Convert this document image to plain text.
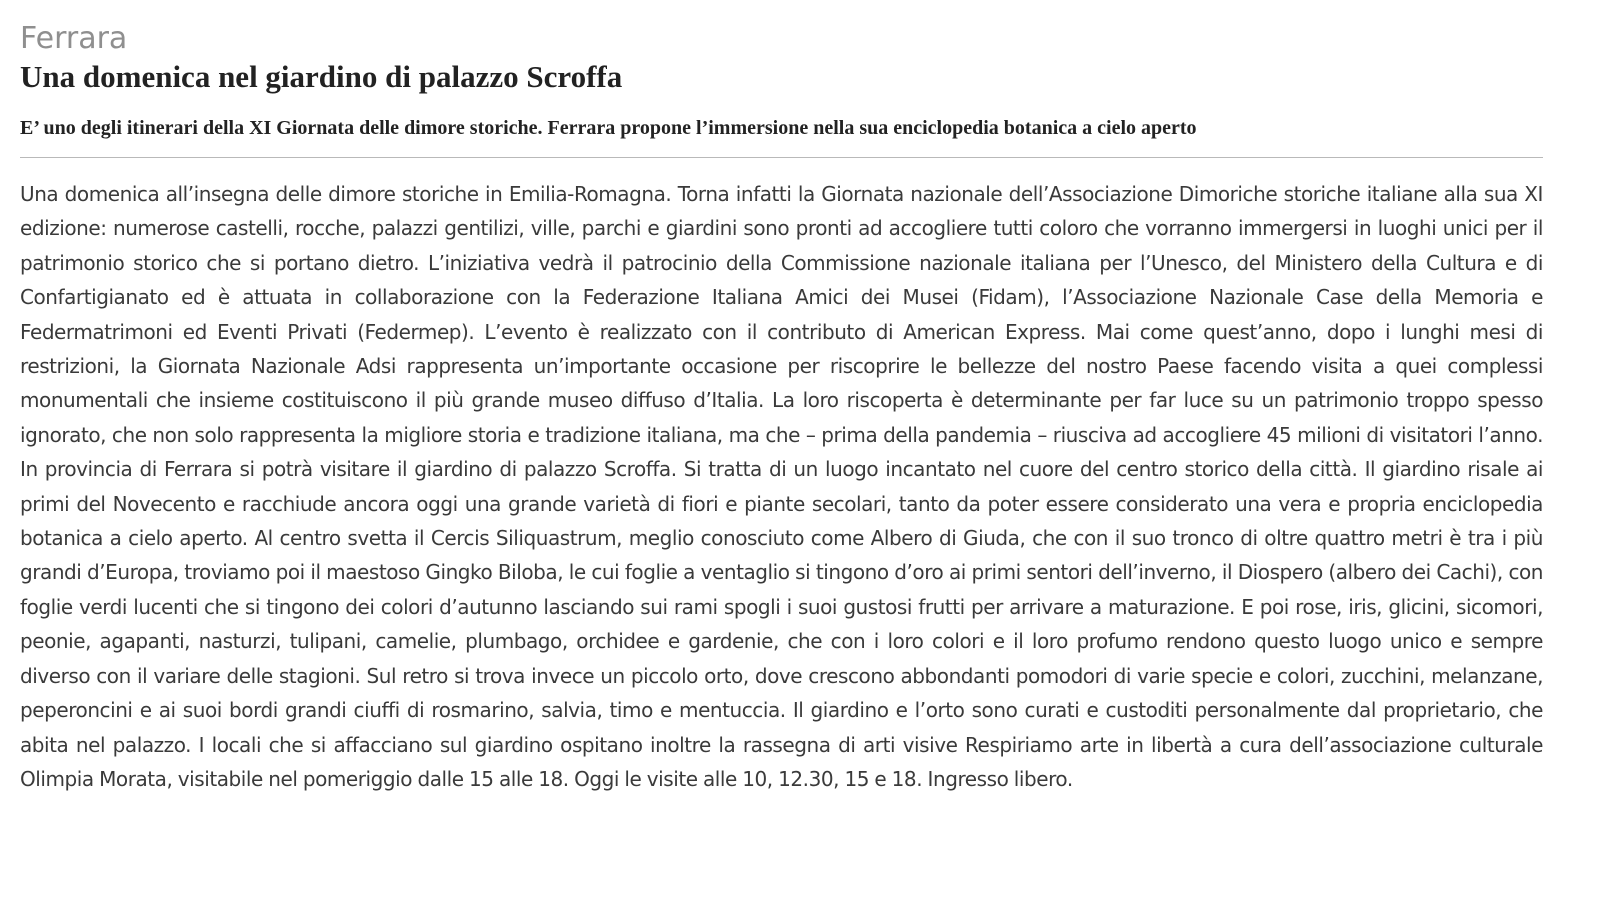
Ferrara
Una domenica nel giardino di palazzo Scroffa
E’ uno degli itinerari della XI Giornata delle dimore storiche. Ferrara propone l’immersione nella sua enciclopedia botanica a cielo aperto

Una domenica all’insegna delle dimore storiche in Emilia-Romagna. Torna infatti la Giornata nazionale dell’Associazione Dimoriche storiche italiane alla sua XI edizione: numerose castelli, rocche, palazzi gentilizi, ville, parchi e giardini sono pronti ad accogliere tutti coloro che vorranno immergersi in luoghi unici per il patrimonio storico che si portano dietro. L’iniziativa vedrà il patrocinio della Commissione nazionale italiana per l’Unesco, del Ministero della Cultura e di Confartigianato ed è attuata in collaborazione con la Federazione Italiana Amici dei Musei (Fidam), l’Associazione Nazionale Case della Memoria e Federmatrimoni ed Eventi Privati (Federmep). L’evento è realizzato con il contributo di American Express. Mai come quest’anno, dopo i lunghi mesi di restrizioni, la Giornata Nazionale Adsi rappresenta un’importante occasione per riscoprire le bellezze del nostro Paese facendo visita a quei complessi monumentali che insieme costituiscono il più grande museo diffuso d’Italia. La loro riscoperta è determinante per far luce su un patrimonio troppo spesso ignorato, che non solo rappresenta la migliore storia e tradizione italiana, ma che – prima della pandemia – riusciva ad accogliere 45 milioni di visitatori l’anno. In provincia di Ferrara si potrà visitare il giardino di palazzo Scroffa. Si tratta di un luogo incantato nel cuore del centro storico della città. Il giardino risale ai primi del Novecento e racchiude ancora oggi una grande varietà di fiori e piante secolari, tanto da poter essere considerato una vera e propria enciclopedia botanica a cielo aperto. Al centro svetta il Cercis Siliquastrum, meglio conosciuto come Albero di Giuda, che con il suo tronco di oltre quattro metri è tra i più grandi d’Europa, troviamo poi il maestoso Gingko Biloba, le cui foglie a ventaglio si tingono d’oro ai primi sentori dell’inverno, il Diospero (albero dei Cachi), con foglie verdi lucenti che si tingono dei colori d’autunno lasciando sui rami spogli i suoi gustosi frutti per arrivare a maturazione. E poi rose, iris, glicini, sicomori, peonie, agapanti, nasturzi, tulipani, camelie, plumbago, orchidee e gardenie, che con i loro colori e il loro profumo rendono questo luogo unico e sempre diverso con il variare delle stagioni. Sul retro si trova invece un piccolo orto, dove crescono abbondanti pomodori di varie specie e colori, zucchini, melanzane, peperoncini e ai suoi bordi grandi ciuffi di rosmarino, salvia, timo e mentuccia. Il giardino e l’orto sono curati e custoditi personalmente dal proprietario, che abita nel palazzo. I locali che si affacciano sul giardino ospitano inoltre la rassegna di arti visive Respiriamo arte in libertà a cura dell’associazione culturale Olimpia Morata, visitabile nel pomeriggio dalle 15 alle 18. Oggi le visite alle 10, 12.30, 15 e 18. Ingresso libero.
